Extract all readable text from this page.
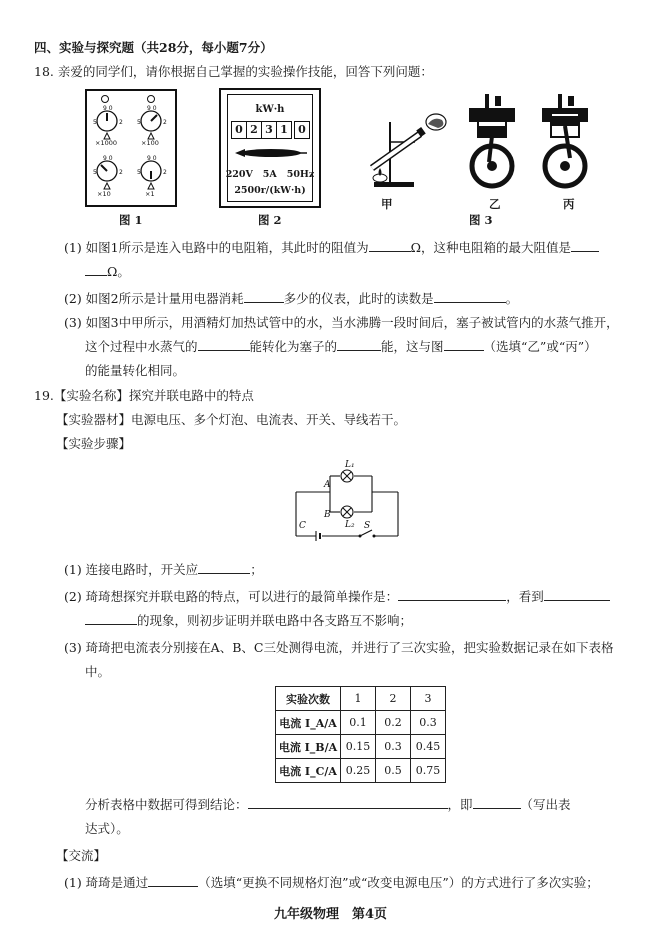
四、实验与探究题（共28分，每小题7分）
18. 亲爱的同学们，请你根据自己掌握的实验操作技能，回答下列问题：
9 0	9 0
9 0	9 0
5	2 5	2
5	2 5	2
×1000	×100
×10	×1
图 1
kW·h
0 2 3 1 0
220V   5A   50Hz
2500r/(kW·h)
图 2
甲	乙	丙
图 3
(1) 如图1所示是连入电路中的电阻箱，其此时的阻值为	Ω，这种电阻箱的最大阻值是
Ω。
(2) 如图2所示是计量用电器消耗	多少的仪表，此时的读数是	。
(3) 如图3中甲所示，用酒精灯加热试管中的水，当水沸腾一段时间后，塞子被试管内的水蒸气推开，
这个过程中水蒸气的	能转化为塞子的	能，这与图	（选填“乙”或“丙”）
的能量转化相同。
19.【实验名称】探究并联电路中的特点
【实验器材】电源电压、多个灯泡、电流表、开关、导线若干。
【实验步骤】
L₁
A
B
L₂
C	S
(1) 连接电路时，开关应	；
(2) 琦琦想探究并联电路的特点，可以进行的最简单操作是：	，看到
的现象，则初步证明并联电路中各支路互不影响；
(3) 琦琦把电流表分别接在A、B、C三处测得电流，并进行了三次实验，把实验数据记录在如下表格
中。
实验次数	1	2	3
电流 I_A/A	0.1	0.2	0.3
电流 I_B/A	0.15	0.3	0.45
电流 I_C/A	0.25	0.5	0.75
分析表格中数据可得到结论：	，即	（写出表
达式）。
【交流】
(1) 琦琦是通过	（选填“更换不同规格灯泡”或“改变电源电压”）的方式进行了多次实验；
九年级物理　第4页
